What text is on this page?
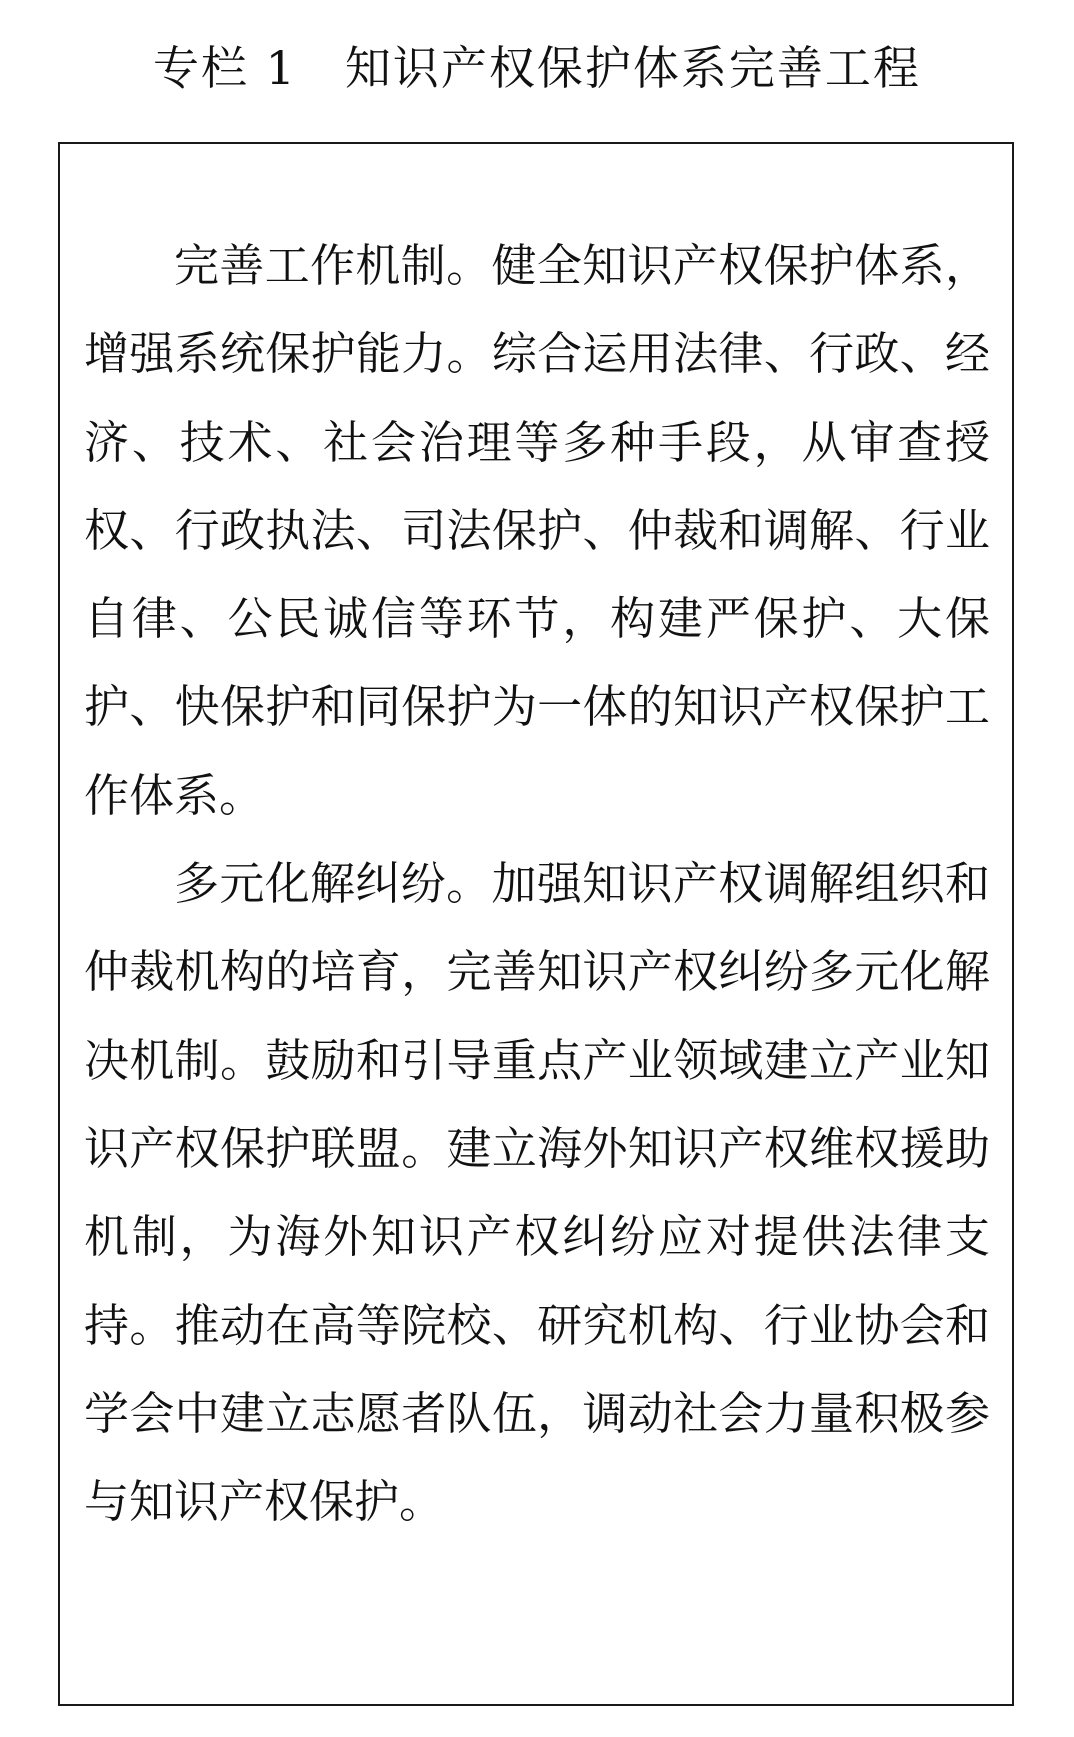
专栏 1　知识产权保护体系完善工程

完善工作机制。健全知识产权保护体系，增强系统保护能力。综合运用法律、行政、经济、技术、社会治理等多种手段，从审查授权、行政执法、司法保护、仲裁和调解、行业自律、公民诚信等环节，构建严保护、大保护、快保护和同保护为一体的知识产权保护工作体系。

多元化解纠纷。加强知识产权调解组织和仲裁机构的培育，完善知识产权纠纷多元化解决机制。鼓励和引导重点产业领域建立产业知识产权保护联盟。建立海外知识产权维权援助机制，为海外知识产权纠纷应对提供法律支持。推动在高等院校、研究机构、行业协会和学会中建立志愿者队伍，调动社会力量积极参与知识产权保护。
